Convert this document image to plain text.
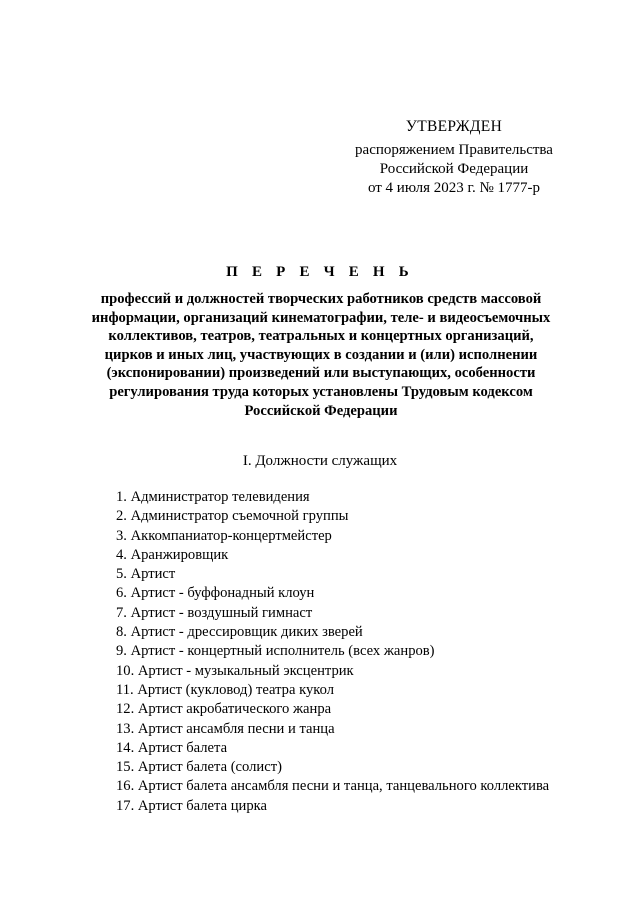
УТВЕРЖДЕН
распоряжением Правительства
Российской Федерации
от 4 июля 2023 г. № 1777-р
П Е Р Е Ч Е Н Ь
профессий и должностей творческих работников средств массовой
информации, организаций кинематографии, теле- и видеосъемочных
коллективов, театров, театральных и концертных организаций,
цирков и иных лиц, участвующих в создании и (или) исполнении
(экспонировании) произведений или выступающих, особенности
регулирования труда которых установлены Трудовым кодексом
Российской Федерации
I. Должности служащих
1. Администратор телевидения
2. Администратор съемочной группы
3. Аккомпаниатор-концертмейстер
4. Аранжировщик
5. Артист
6. Артист - буффонадный клоун
7. Артист - воздушный гимнаст
8. Артист - дрессировщик диких зверей
9. Артист - концертный исполнитель (всех жанров)
10. Артист - музыкальный эксцентрик
11. Артист (кукловод) театра кукол
12. Артист акробатического жанра
13. Артист ансамбля песни и танца
14. Артист балета
15. Артист балета (солист)
16. Артист балета ансамбля песни и танца, танцевального коллектива
17. Артист балета цирка
